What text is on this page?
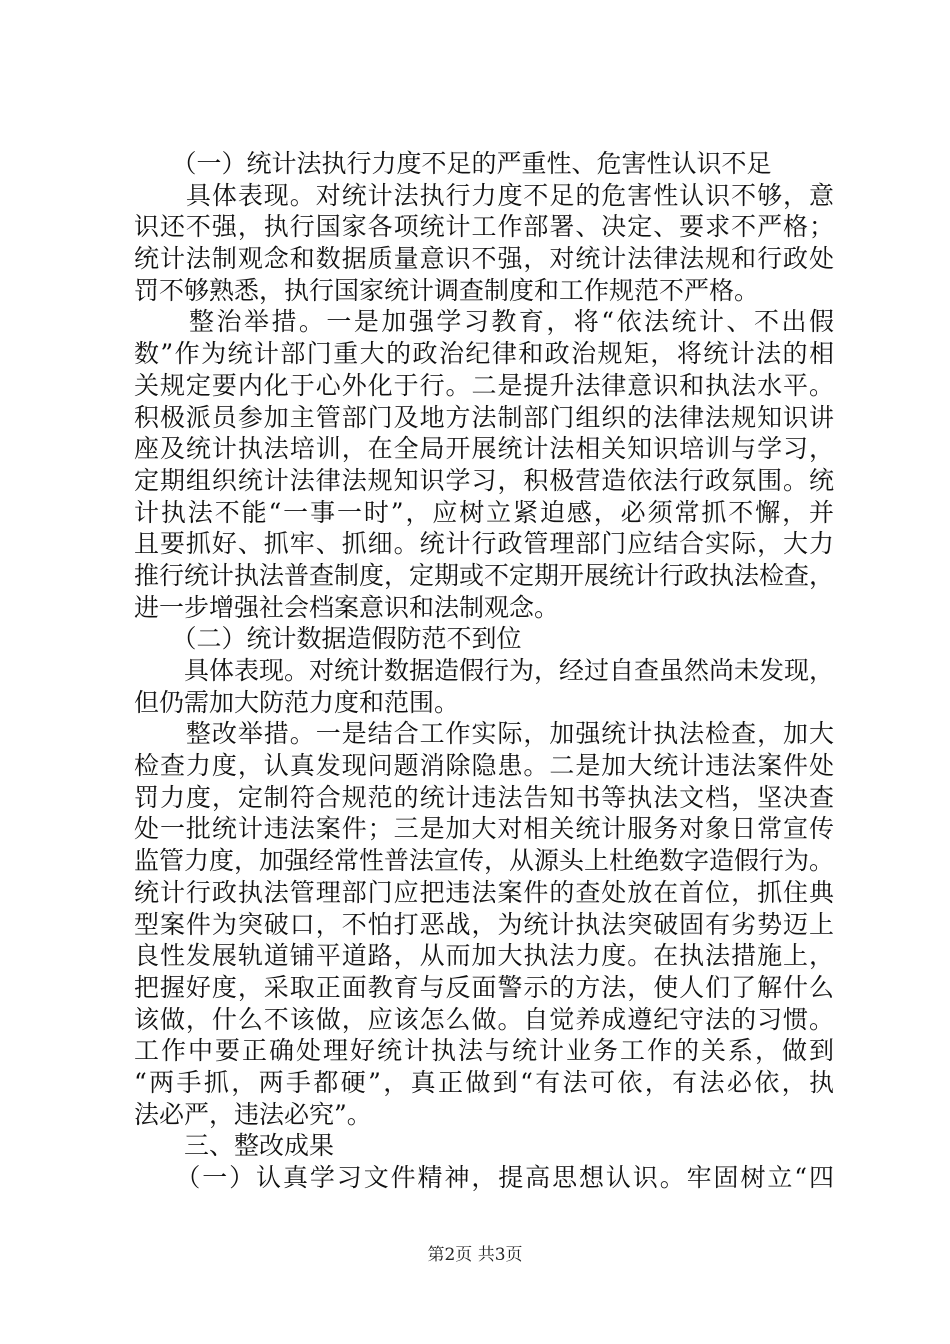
　　（一）统计法执行力度不足的严重性、危害性认识不足
　　具体表现。对统计法执行力度不足的危害性认识不够，意
识还不强，执行国家各项统计工作部署、决定、要求不严格；
统计法制观念和数据质量意识不强，对统计法律法规和行政处
罚不够熟悉，执行国家统计调查制度和工作规范不严格。
　　整治举措。一是加强学习教育，将“依法统计、不出假
数”作为统计部门重大的政治纪律和政治规矩，将统计法的相
关规定要内化于心外化于行。二是提升法律意识和执法水平。
积极派员参加主管部门及地方法制部门组织的法律法规知识讲
座及统计执法培训，在全局开展统计法相关知识培训与学习，
定期组织统计法律法规知识学习，积极营造依法行政氛围。统
计执法不能“一事一时”，应树立紧迫感，必须常抓不懈，并
且要抓好、抓牢、抓细。统计行政管理部门应结合实际，大力
推行统计执法普查制度，定期或不定期开展统计行政执法检查，
进一步增强社会档案意识和法制观念。
　　（二）统计数据造假防范不到位
　　具体表现。对统计数据造假行为，经过自查虽然尚未发现，
但仍需加大防范力度和范围。
　　整改举措。一是结合工作实际，加强统计执法检查，加大
检查力度，认真发现问题消除隐患。二是加大统计违法案件处
罚力度，定制符合规范的统计违法告知书等执法文档，坚决查
处一批统计违法案件；三是加大对相关统计服务对象日常宣传
监管力度，加强经常性普法宣传，从源头上杜绝数字造假行为。
统计行政执法管理部门应把违法案件的查处放在首位，抓住典
型案件为突破口，不怕打恶战，为统计执法突破固有劣势迈上
良性发展轨道铺平道路，从而加大执法力度。在执法措施上，
把握好度，采取正面教育与反面警示的方法，使人们了解什么
该做，什么不该做，应该怎么做。自觉养成遵纪守法的习惯。
工作中要正确处理好统计执法与统计业务工作的关系，做到
“两手抓，两手都硬”，真正做到“有法可依，有法必依，执
法必严，违法必究”。
　　三、整改成果
　　（一）认真学习文件精神，提高思想认识。牢固树立“四
第2页 共3页
